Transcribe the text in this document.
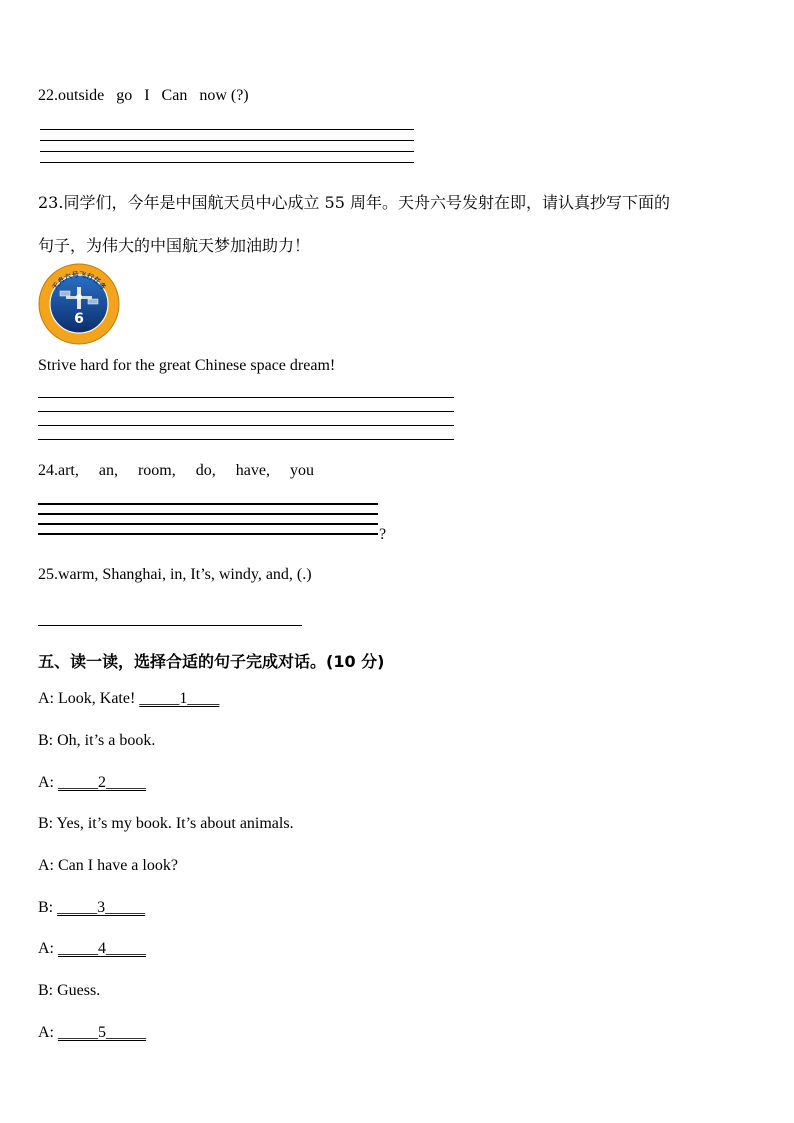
22.outside   go   I   Can   now (?)
23.同学们，今年是中国航天员中心成立 55 周年。天舟六号发射在即，请认真抄写下面的
句子，为伟大的中国航天梦加油助力！
天舟六号飞行任务
中国空间站
6
Strive hard for the great Chinese space dream!
24.art,     an,     room,     do,     have,     you
?
25.warm, Shanghai, in, It’s, windy, and, (.)
五、读一读，选择合适的句子完成对话。(10 分)
A: Look, Kate! _____1____
B: Oh, it’s a book.
A: _____2_____
B: Yes, it’s my book. It’s about animals.
A: Can I have a look?
B: _____3_____
A: _____4_____
B: Guess.
A: _____5_____
